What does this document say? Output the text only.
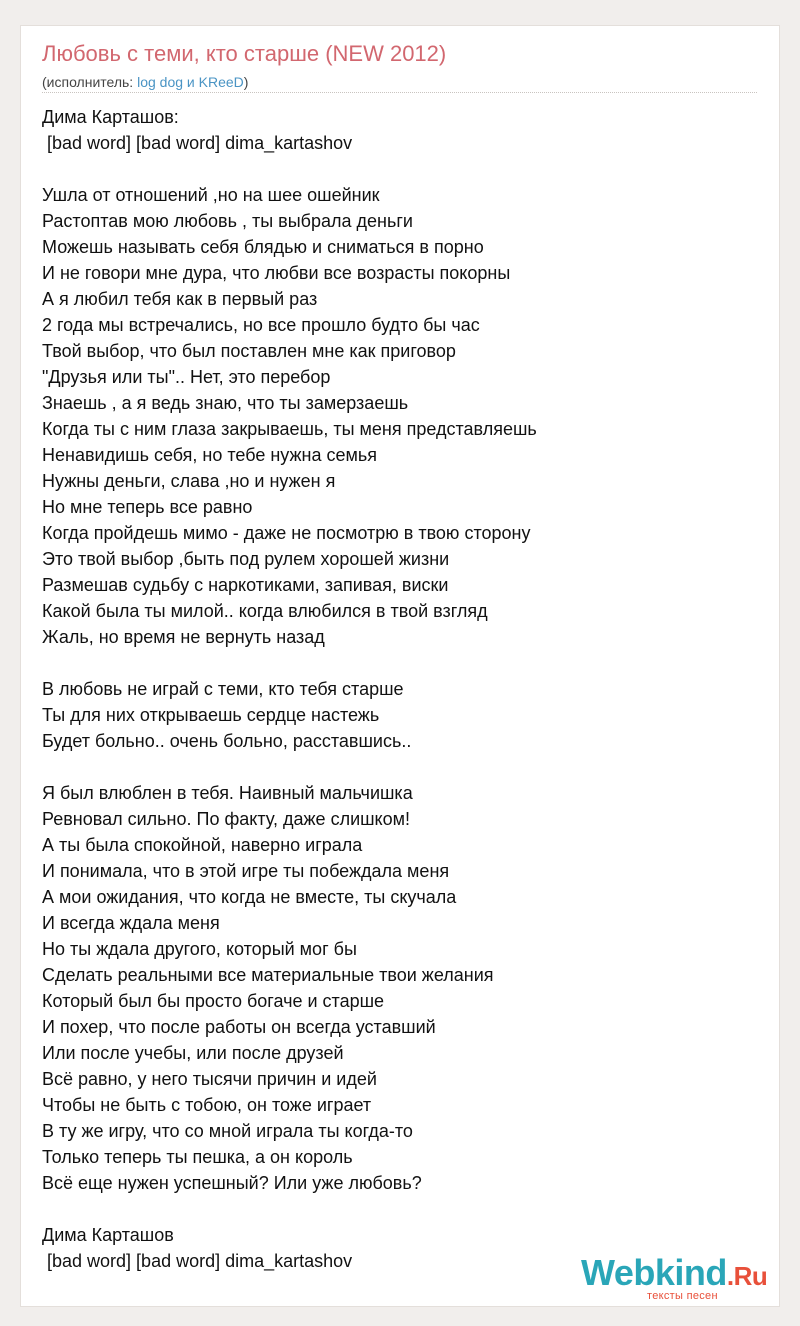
Любовь с теми, кто старше (NEW 2012)
(исполнитель: log dog и KReeD)
Дима Карташов:
[bad word] [bad word] dima_kartashov
Ушла от отношений ,но на шее ошейник
Растоптав мою любовь , ты выбрала деньги
Можешь называть себя блядью и сниматься в порно
И не говори мне дура, что любви все возрасты покорны
А я любил тебя как в первый раз
2 года мы встречались, но все прошло будто бы час
Твой выбор, что был поставлен мне как приговор
"Друзья или ты".. Нет, это перебор
Знаешь , а я ведь знаю, что ты замерзаешь
Когда ты с ним глаза закрываешь, ты меня представляешь
Ненавидишь себя, но тебе нужна семья
Нужны деньги, слава ,но и нужен я
Но мне теперь все равно
Когда пройдешь мимо - даже не посмотрю в твою сторону
Это твой выбор ,быть под рулем хорошей жизни
Размешав судьбу с наркотиками, запивая, виски
Какой была ты милой.. когда влюбился в твой взгляд
Жаль, но время не вернуть назад
В любовь не играй с теми, кто тебя старше
Ты для них открываешь сердце настежь
Будет больно.. очень больно, расставшись..
Я был влюблен в тебя. Наивный мальчишка
Ревновал сильно. По факту, даже слишком!
А ты была спокойной, наверно играла
И понимала, что в этой игре ты побеждала меня
А мои ожидания, что когда не вместе, ты скучала
И всегда ждала меня
Но ты ждала другого, который мог бы
Сделать реальными все материальные твои желания
Который был бы просто богаче и старше
И похер, что после работы он всегда уставший
Или после учебы, или после друзей
Всё равно, у него тысячи причин и идей
Чтобы не быть с тобою, он тоже играет
В ту же игру, что со мной играла ты когда-то
Только теперь ты пешка, а он король
Всё еще нужен успешный? Или уже любовь?
Дима Карташов
[bad word] [bad word] dima_kartashov	Webkind.Ru
тексты песен
